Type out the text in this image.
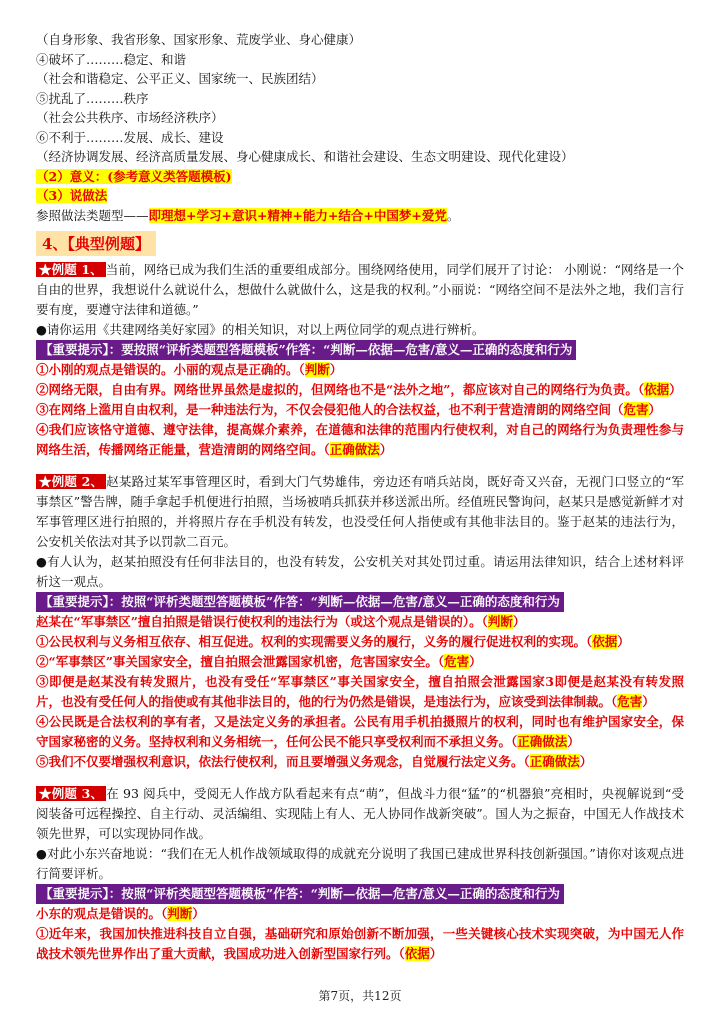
（自身形象、我省形象、国家形象、荒废学业、身心健康）
④破坏了………稳定、和谐
（社会和谐稳定、公平正义、国家统一、民族团结）
⑤扰乱了………秩序
（社会公共秩序、市场经济秩序）
⑥不利于………发展、成长、建设
（经济协调发展、经济高质量发展、身心健康成长、和谐社会建设、生态文明建设、现代化建设）
（2）意义：(参考意义类答题模板)
（3）说做法
参照做法类题型——即理想+学习+意识+精神+能力+结合+中国梦+爱党。
4、【典型例题】
★例题 1、 当前，网络已成为我们生活的重要组成部分。围绕网络使用，同学们展开了讨论： 小刚说：“网络是一个自由的世界，我想说什么就说什么，想做什么就做什么，这是我的权利。”小丽说：“网络空间不是法外之地，我们言行要有度，要遵守法律和道德。”
●请你运用《共建网络美好家园》的相关知识，对以上两位同学的观点进行辨析。
【重要提示】：要按照“评析类题型答题模板”作答：“判断—依据—危害/意义—正确的态度和行为
①小刚的观点是错误的。小丽的观点是正确的。（判断）
②网络无限，自由有界。网络世界虽然是虚拟的，但网络也不是“法外之地”，都应该对自己的网络行为负责。（依据）
③在网络上滥用自由权利，是一种违法行为，不仅会侵犯他人的合法权益，也不利于营造清朗的网络空间（危害）
④我们应该恪守道德、遵守法律，提高媒介素养，在道德和法律的范围内行使权利，对自己的网络行为负责理性参与网络生活，传播网络正能量，营造清朗的网络空间。（正确做法）
★例题 2、 赵某路过某军事管理区时，看到大门气势雄伟，旁边还有哨兵站岗，既好奇又兴奋，无视门口竖立的“军事禁区”警告牌，随手拿起手机便进行拍照，当场被哨兵抓获并移送派出所。经值班民警询问，赵某只是感觉新鲜才对军事管理区进行拍照的，并将照片存在手机没有转发，也没受任何人指使或有其他非法目的。鉴于赵某的违法行为，公安机关依法对其予以罚款二百元。
●有人认为，赵某拍照没有任何非法目的，也没有转发，公安机关对其处罚过重。请运用法律知识，结合上述材料评析这一观点。
【重要提示】：按照“评析类题型答题模板”作答：“判断—依据—危害/意义—正确的态度和行为
赵某在“军事禁区”擅自拍照是错误行使权利的违法行为（或这个观点是错误的）。（判断）
①公民权利与义务相互依存、相互促进。权利的实现需要义务的履行，义务的履行促进权利的实现。（依据）
②“军事禁区”事关国家安全，擅自拍照会泄露国家机密，危害国家安全。（危害）
③即便是赵某没有转发照片，也没有受任“军事禁区”事关国家安全，擅自拍照会泄露国家3即便是赵某没有转发照片，也没有受任何人的指使或有其他非法目的，他的行为仍然是错误，是违法行为，应该受到法律制裁。（危害）
④公民既是合法权利的享有者，又是法定义务的承担者。公民有用手机拍摄照片的权利，同时也有维护国家安全，保守国家秘密的义务。坚持权利和义务相统一，任何公民不能只享受权利而不承担义务。（正确做法）
⑤我们不仅要增强权利意识，依法行使权利，而且要增强义务观念，自觉履行法定义务。（正确做法）
★例题 3、 在 93 阅兵中，受阅无人作战方队看起来有点“萌”，但战斗力很“猛”的“机器狼”亮相时，央视解说到“受阅装备可远程操控、自主行动、灵活编组、实现陆上有人、无人协同作战新突破”。国人为之振奋，中国无人作战技术领先世界，可以实现协同作战。
●对此小东兴奋地说：“我们在无人机作战领域取得的成就充分说明了我国已建成世界科技创新强国。”请你对该观点进行简要评析。
【重要提示】：按照“评析类题型答题模板”作答：“判断—依据—危害/意义—正确的态度和行为
小东的观点是错误的。（判断）
①近年来，我国加快推进科技自立自强，基础研究和原始创新不断加强，一些关键核心技术实现突破，为中国无人作战技术领先世界作出了重大贡献，我国成功进入创新型国家行列。（依据）
第7页，共12页
